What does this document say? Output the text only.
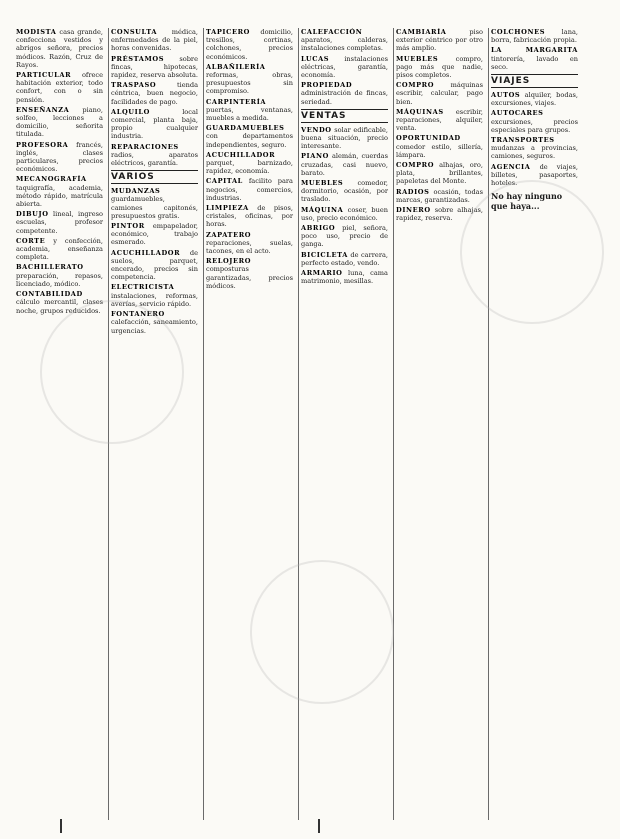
MODISTA casa grande, confecciona vestidos y abrigos señora, precios módicos. Razón, Cruz de Rayos.

PARTICULAR ofrece habitación exterior, todo confort, con o sin pensión.

ENSEÑANZA piano, solfeo, lecciones a domicilio, señorita titulada.

PROFESORA francés, inglés, clases particulares, precios económicos.

MECANOGRAFÍA taquigrafía, academia, método rápido, matrícula abierta.

DIBUJO lineal, ingreso escuelas, profesor competente.

CORTE y confección, academia, enseñanza completa.

BACHILLERATO preparación, repasos, licenciado, módico.

CONTABILIDAD cálculo mercantil, clases noche, grupos reducidos.

CONSULTA médica, enfermedades de la piel, horas convenidas.

PRÉSTAMOS sobre fincas, hipotecas, rapidez, reserva absoluta.

TRASPASO	tienda céntrica, buen negocio, facilidades de pago.

ALQUILO	local comercial, planta baja, propio cualquier industria.

REPARACIONES radios, aparatos eléctricos, garantía.

VARIOS

MUDANZAS guardamuebles, camiones capitonés, presupuestos gratis.

PINTOR empapelador, económico, trabajo esmerado.

ACUCHILLADOR de suelos, parquet, encerado, precios sin competencia.

ELECTRICISTA instalaciones, reformas, averías, servicio rápido.

FONTANERO calefacción, saneamiento, urgencias.

TAPICERO domicilio, tresillos, cortinas, colchones, precios económicos.

ALBAÑILERÍA reformas, obras, presupuestos sin compromiso.

CARPINTERÍA puertas, ventanas, muebles a medida.

GUARDAMUEBLES con departamentos independientes, seguro.

ACUCHILLADOR parquet, barnizado, rapidez, economía.

CAPITAL facilito para negocios, comercios, industrias.

LIMPIEZA de pisos, cristales, oficinas, por horas.

ZAPATERO reparaciones, suelas, tacones, en el acto.

RELOJERO composturas garantizadas, precios módicos.

CALEFACCIÓN aparatos, calderas, instalaciones completas.

LUCAS instalaciones eléctricas, garantía, economía.

PROPIEDAD administración de fincas, seriedad.

VENTAS

VENDO solar edificable, buena situación, precio interesante.

PIANO alemán, cuerdas cruzadas, casi nuevo, barato.

MUEBLES comedor, dormitorio, ocasión, por traslado.

MÁQUINA coser, buen uso, precio económico.

ABRIGO piel, señora, poco uso, precio de ganga.

BICICLETA de carrera, perfecto estado, vendo.

ARMARIO luna, cama matrimonio, mesillas.

CAMBIARÍA	piso exterior céntrico por otro más amplio.

MUEBLES	compro, pago más que nadie, pisos completos.

COMPRO	máquinas escribir, calcular, pago bien.

MÁQUINAS escribir, reparaciones, alquiler, venta.

OPORTUNIDAD comedor estilo, sillería, lámpara.

COMPRO alhajas, oro, plata, brillantes, papeletas del Monte.

RADIOS ocasión, todas marcas, garantizadas.

DINERO sobre alhajas, rapidez, reserva.

COLCHONES	lana, borra, fabricación propia.

LA MARGARITA tintorería, lavado en seco.

VIAJES

AUTOS alquiler, bodas, excursiones, viajes.

AUTOCARES excursiones, precios especiales para grupos.

TRANSPORTES mudanzas a provincias, camiones, seguros.

AGENCIA de viajes, billetes, pasaportes, hoteles.

No hay ninguno que haya...
